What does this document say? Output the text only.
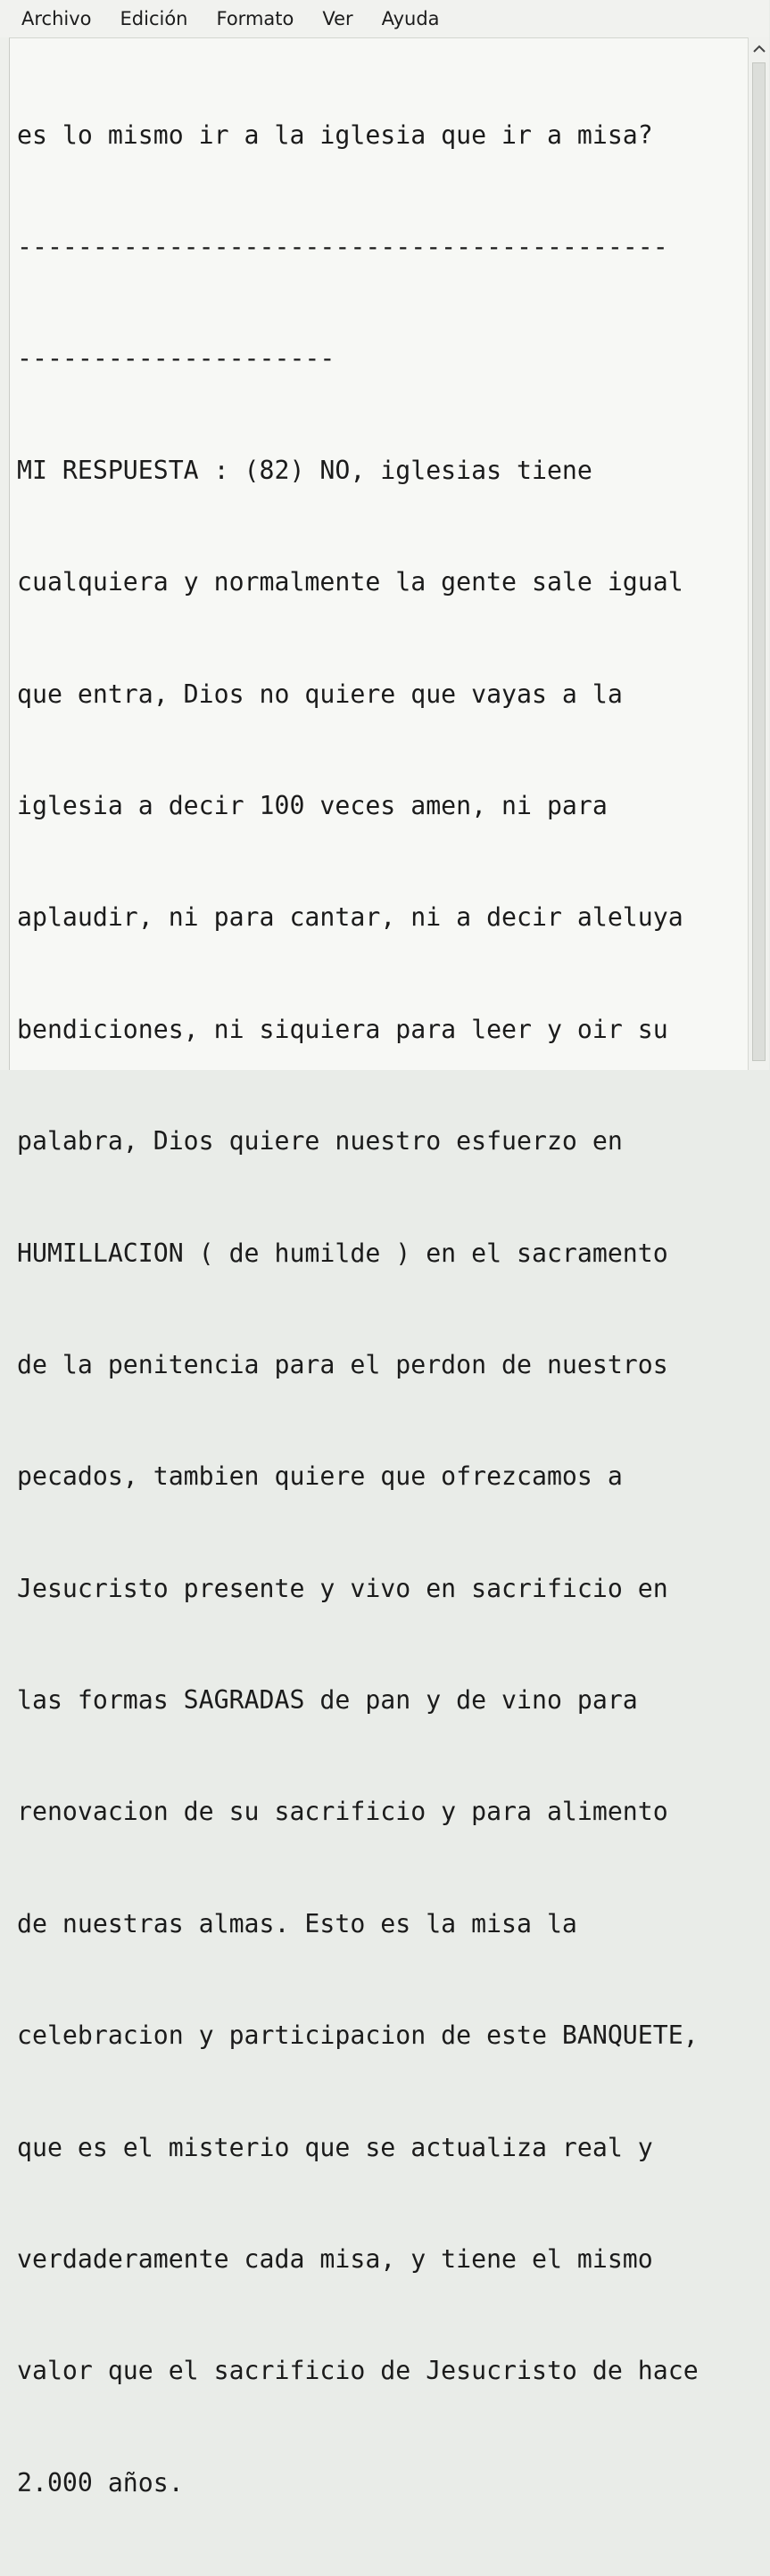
Archivo Edición Formato Ver Ayuda

es lo mismo ir a la iglesia que ir a misa?

-------------------------------------------

---------------------

MI RESPUESTA : (82) NO, iglesias tiene

cualquiera y normalmente la gente sale igual

que entra, Dios no quiere que vayas a la

iglesia a decir 100 veces amen, ni para

aplaudir, ni para cantar, ni a decir aleluya

bendiciones, ni siquiera para leer y oir su

palabra, Dios quiere nuestro esfuerzo en

HUMILLACION ( de humilde ) en el sacramento

de la penitencia para el perdon de nuestros

pecados, tambien quiere que ofrezcamos a

Jesucristo presente y vivo en sacrificio en

las formas SAGRADAS de pan y de vino para

renovacion de su sacrificio y para alimento

de nuestras almas. Esto es la misa la

celebracion y participacion de este BANQUETE,

que es el misterio que se actualiza real y

verdaderamente cada misa, y tiene el mismo

valor que el sacrificio de Jesucristo de hace

2.000 años.
